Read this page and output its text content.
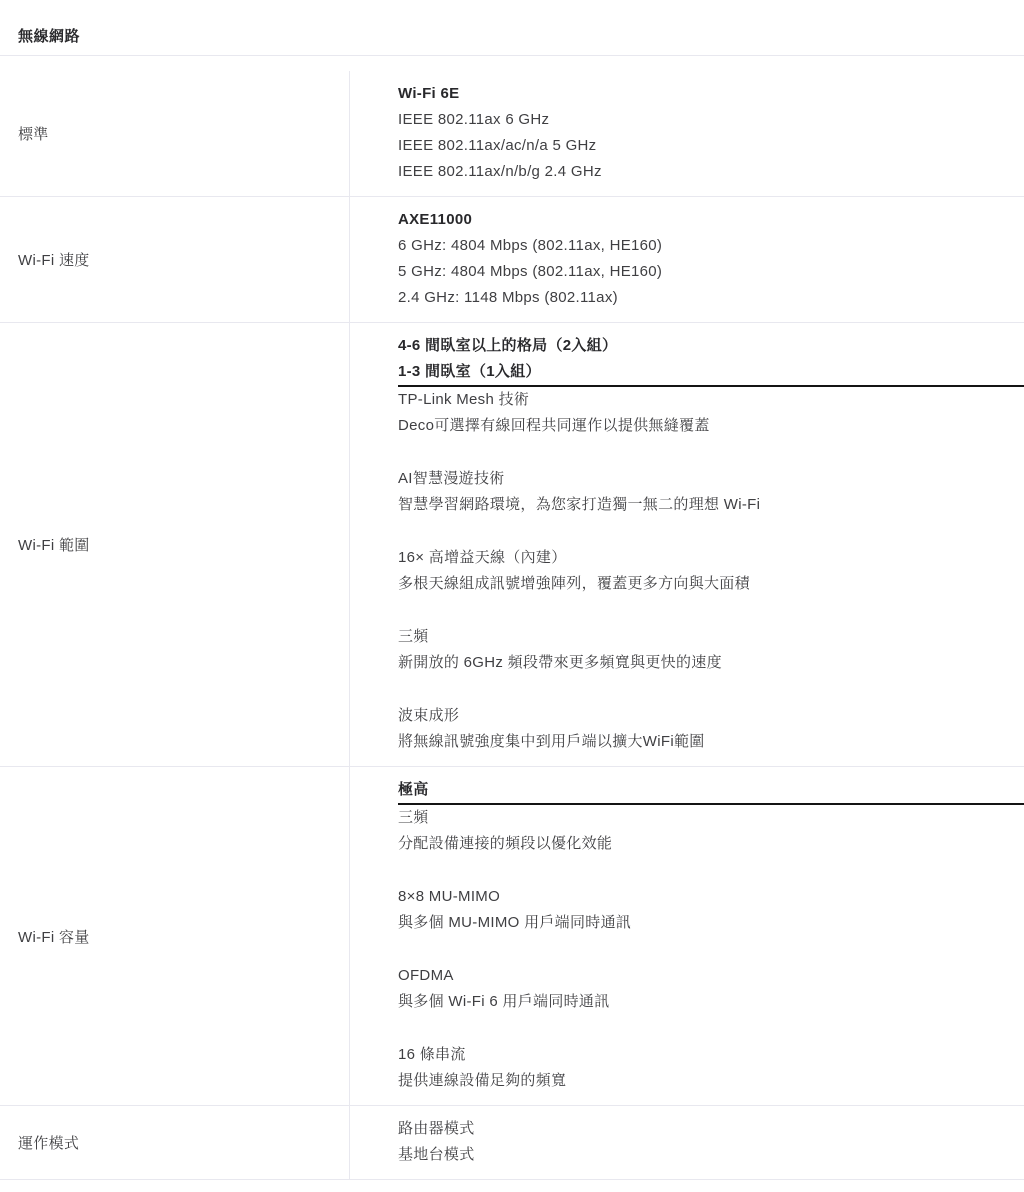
無線網路
標準
Wi-Fi 6E
IEEE 802.11ax 6 GHz
IEEE 802.11ax/ac/n/a 5 GHz
IEEE 802.11ax/n/b/g 2.4 GHz
Wi-Fi 速度
AXE11000
6 GHz: 4804 Mbps (802.11ax, HE160)
5 GHz: 4804 Mbps (802.11ax, HE160)
2.4 GHz: 1148 Mbps (802.11ax)
Wi-Fi 範圍
4-6 間臥室以上的格局（2入組）
1-3 間臥室（1入組）
TP-Link Mesh 技術
Deco可選擇有線回程共同運作以提供無縫覆蓋
AI智慧漫遊技術
智慧學習網路環境，為您家打造獨一無二的理想 Wi-Fi
16× 高增益天線（內建）
多根天線組成訊號增強陣列，覆蓋更多方向與大面積
三頻
新開放的 6GHz 頻段帶來更多頻寬與更快的速度
波束成形
將無線訊號強度集中到用戶端以擴大WiFi範圍
Wi-Fi 容量
極高
三頻
分配設備連接的頻段以優化效能
8×8 MU-MIMO
與多個 MU-MIMO 用戶端同時通訊
OFDMA
與多個 Wi-Fi 6 用戶端同時通訊
16 條串流
提供連線設備足夠的頻寬
運作模式
路由器模式
基地台模式
